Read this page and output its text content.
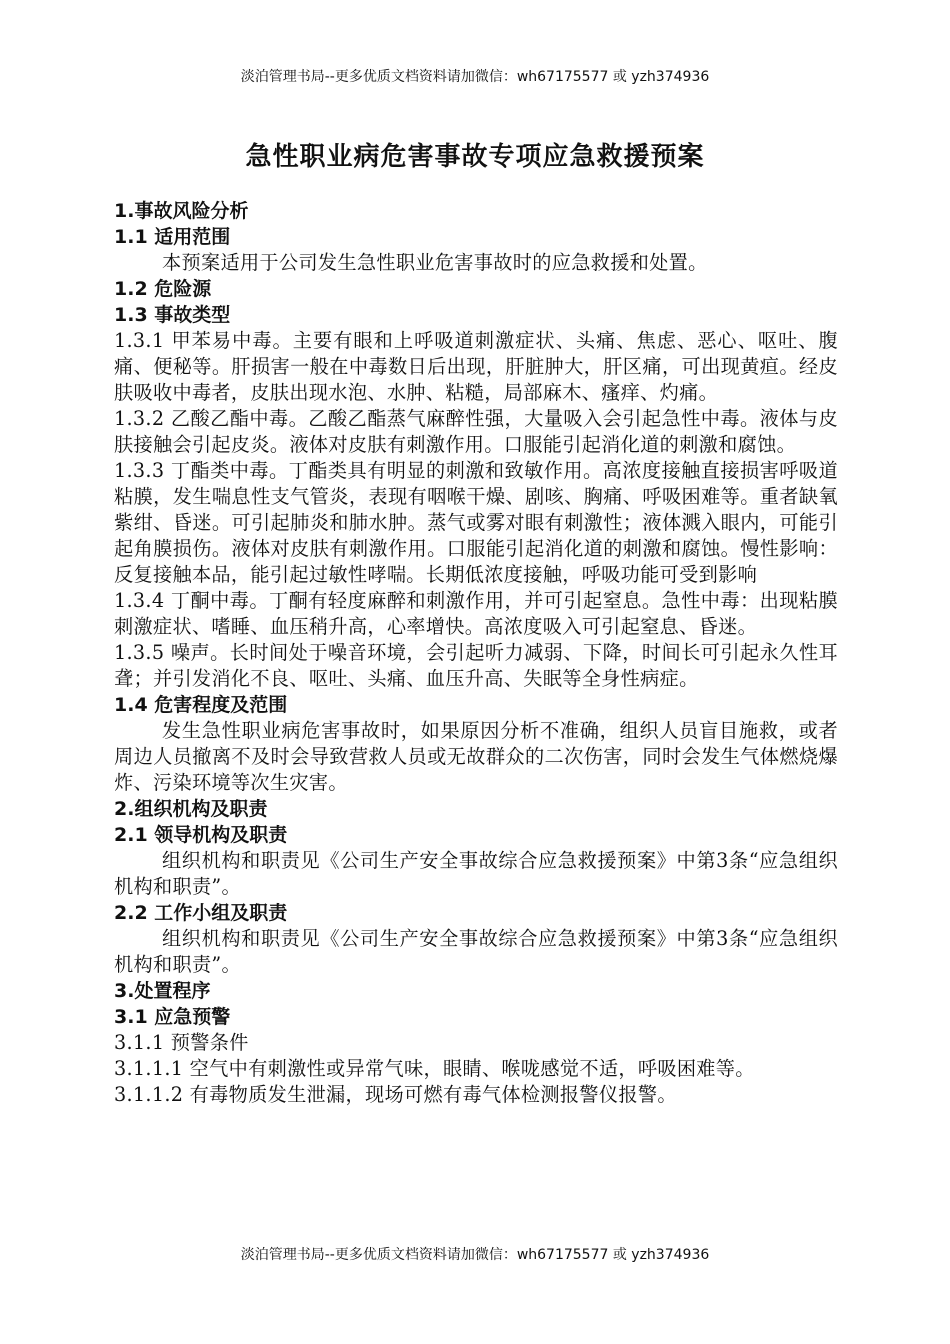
淡泊管理书局--更多优质文档资料请加微信：wh67175577 或 yzh374936
急性职业病危害事故专项应急救援预案

1.事故风险分析

1.1 适用范围

本预案适用于公司发生急性职业危害事故时的应急救援和处置。

1.2 危险源

1.3 事故类型

1.3.1 甲苯易中毒。主要有眼和上呼吸道刺激症状、头痛、焦虑、恶心、呕吐、腹痛、便秘等。肝损害一般在中毒数日后出现，肝脏肿大，肝区痛，可出现黄疸。经皮肤吸收中毒者，皮肤出现水泡、水肿、粘糙，局部麻木、瘙痒、灼痛。

1.3.2 乙酸乙酯中毒。乙酸乙酯蒸气麻醉性强，大量吸入会引起急性中毒。液体与皮肤接触会引起皮炎。液体对皮肤有刺激作用。口服能引起消化道的刺激和腐蚀。

1.3.3 丁酯类中毒。丁酯类具有明显的刺激和致敏作用。高浓度接触直接损害呼吸道粘膜，发生喘息性支气管炎，表现有咽喉干燥、剧咳、胸痛、呼吸困难等。重者缺氧紫绀、昏迷。可引起肺炎和肺水肿。蒸气或雾对眼有刺激性；液体溅入眼内，可能引起角膜损伤。液体对皮肤有刺激作用。口服能引起消化道的刺激和腐蚀。慢性影响：反复接触本品，能引起过敏性哮喘。长期低浓度接触，呼吸功能可受到影响

1.3.4 丁酮中毒。丁酮有轻度麻醉和刺激作用，并可引起窒息。急性中毒：出现粘膜刺激症状、嗜睡、血压稍升高，心率增快。高浓度吸入可引起窒息、昏迷。

1.3.5 噪声。长时间处于噪音环境，会引起听力减弱、下降，时间长可引起永久性耳聋；并引发消化不良、呕吐、头痛、血压升高、失眠等全身性病症。

1.4 危害程度及范围

发生急性职业病危害事故时，如果原因分析不准确，组织人员盲目施救，或者周边人员撤离不及时会导致营救人员或无故群众的二次伤害，同时会发生气体燃烧爆炸、污染环境等次生灾害。

2.组织机构及职责

2.1 领导机构及职责

组织机构和职责见《公司生产安全事故综合应急救援预案》中第3条“应急组织机构和职责”。

2.2 工作小组及职责

组织机构和职责见《公司生产安全事故综合应急救援预案》中第3条“应急组织机构和职责”。

3.处置程序

3.1 应急预警

3.1.1 预警条件

3.1.1.1 空气中有刺激性或异常气味，眼睛、喉咙感觉不适，呼吸困难等。

3.1.1.2 有毒物质发生泄漏，现场可燃有毒气体检测报警仪报警。

淡泊管理书局--更多优质文档资料请加微信：wh67175577 或 yzh374936
